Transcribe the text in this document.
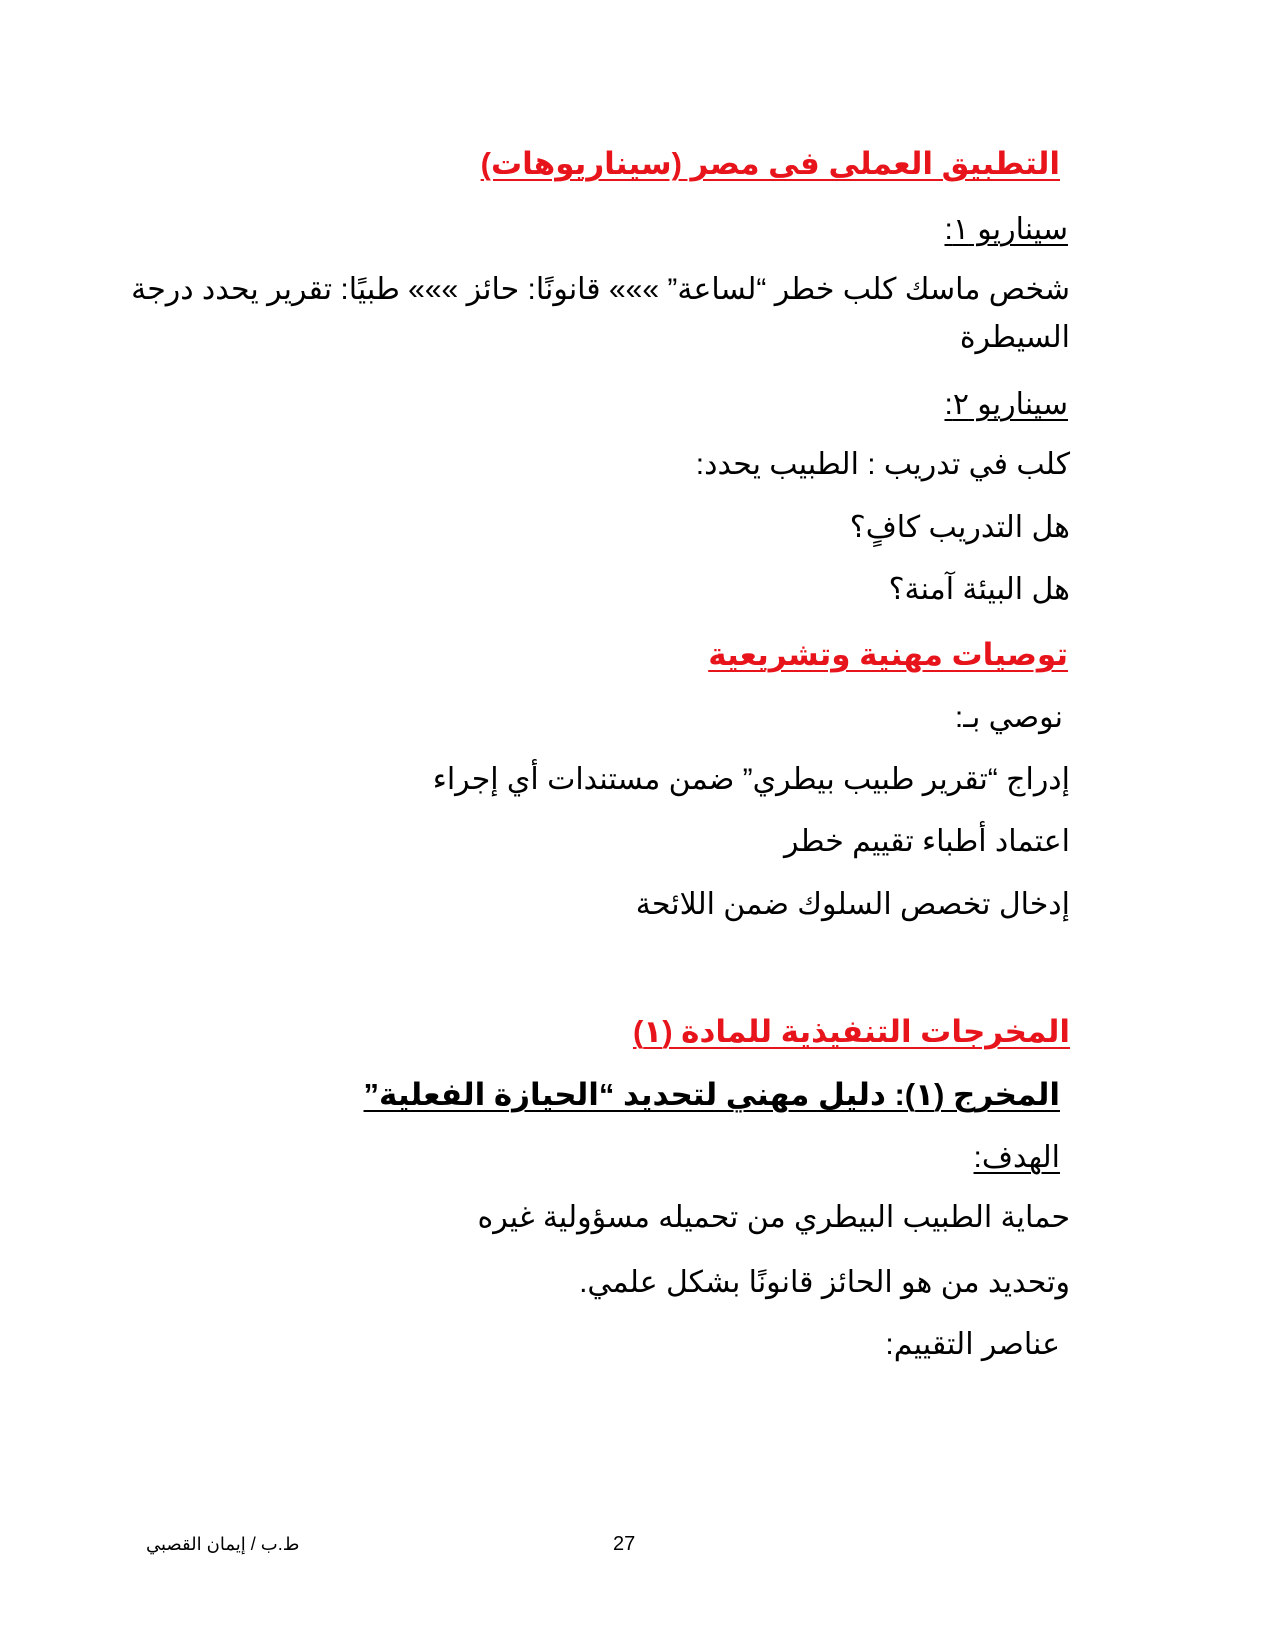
التطبيق العملى فى مصر (سيناريوهات)
سيناريو ١:
شخص ماسك كلب خطر “لساعة” »»» قانونًا: حائز »»» طبيًا: تقرير يحدد درجة
السيطرة
سيناريو ٢:
كلب في تدريب : الطبيب يحدد:
هل التدريب كافٍ؟
هل البيئة آمنة؟
توصيات مهنية وتشريعية
نوصي بـ:
إدراج “تقرير طبيب بيطري” ضمن مستندات أي إجراء
اعتماد أطباء تقييم خطر
إدخال تخصص السلوك ضمن اللائحة
المخرجات التنفيذية للمادة (١)
المخرج (١): دليل مهني لتحديد “الحيازة الفعلية”
الهدف:
حماية الطبيب البيطري من تحميله مسؤولية غيره
وتحديد من هو الحائز قانونًا بشكل علمي.
عناصر التقييم:
27
ط.ب / إيمان القصبي
